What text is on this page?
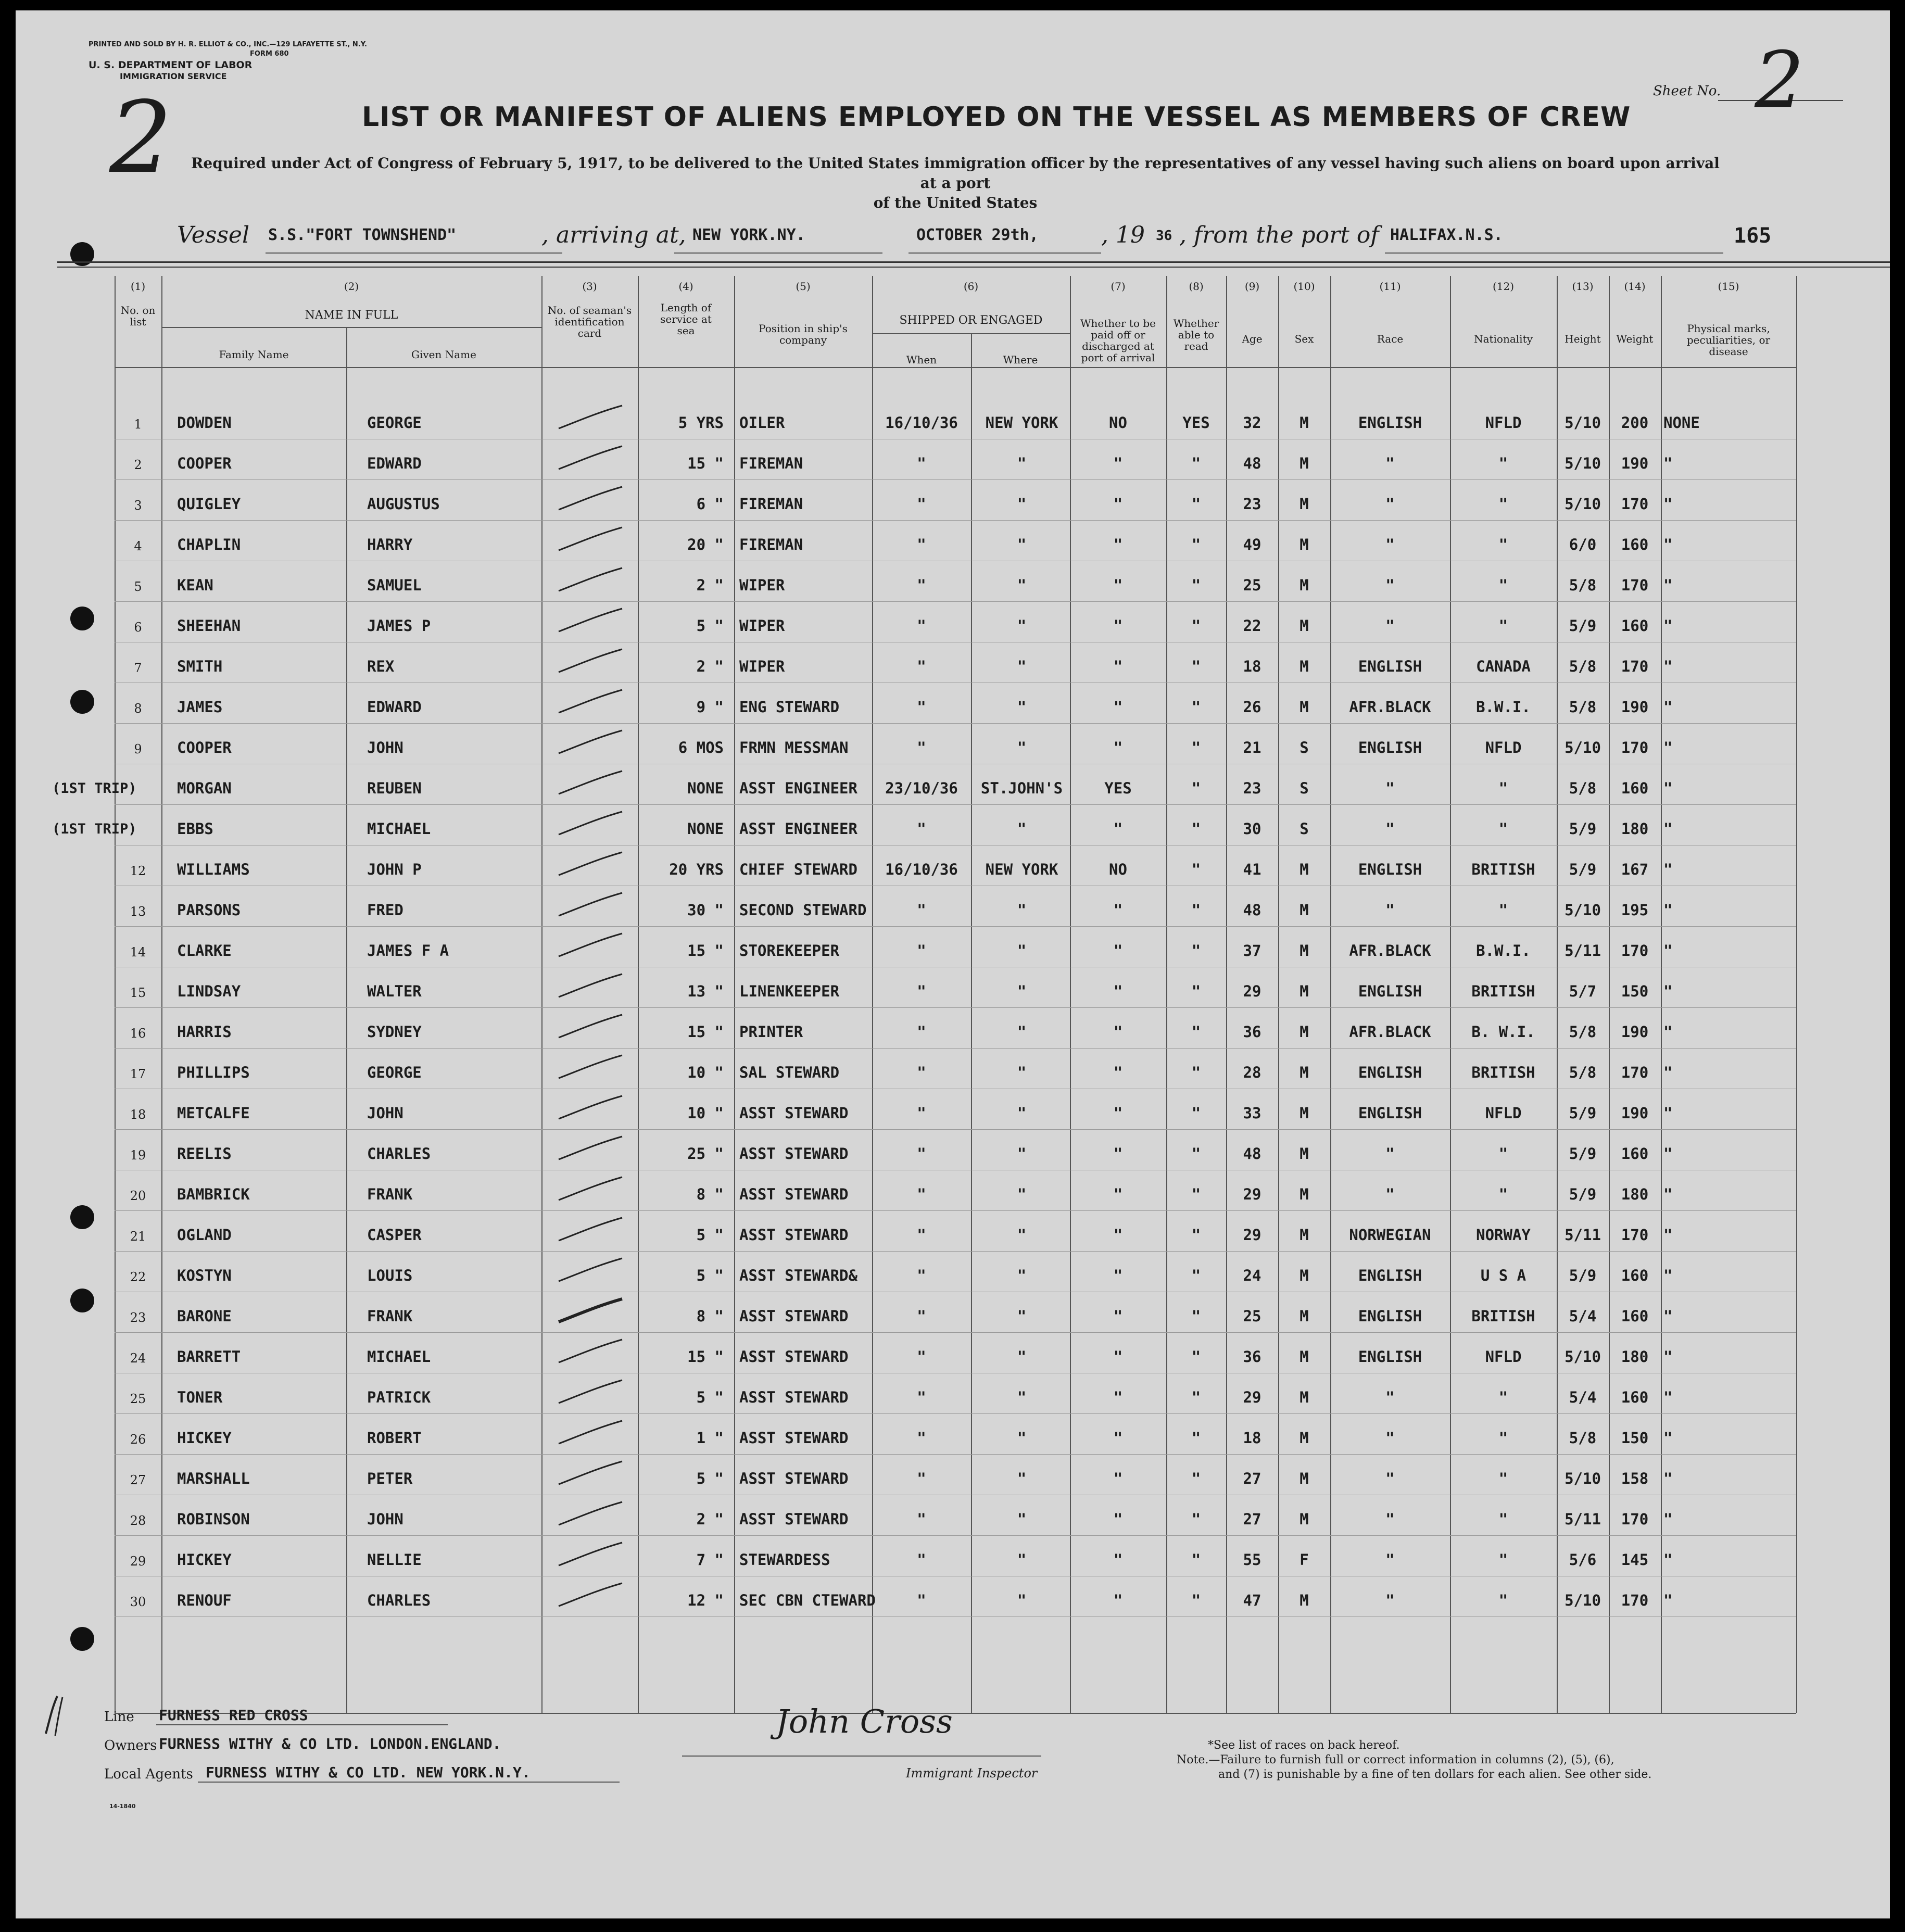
PRINTED AND SOLD BY H. R. ELLIOT & CO., INC.—129 LAFAYETTE ST., N.Y.
FORM 680
U. S. DEPARTMENT OF LABOR
IMMIGRATION SERVICE
2	Sheet No. 2
LIST OR MANIFEST OF ALIENS EMPLOYED ON THE VESSEL AS MEMBERS OF CREW
Required under Act of Congress of February 5, 1917, to be delivered to the United States immigration officer by the representatives of any vessel having such aliens on board upon arrival at a port
of the United States
Vessel S.S."FORT TOWNSHEND"	, arriving at, NEW YORK.NY.	OCTOBER 29th,	, 19 36 , from the port of HALIFAX.N.S.	165
(1)	(2)	(3)	(4)	(5)	(6)	(7)	(8)	(9)	(10)	(11)	(12)	(13)	(14)	(15)
No. on list	NAME IN FULL
Family Name	Given Name
No. of seaman's identification card
Length of service at sea	Position in ship's company
SHIPPED OR ENGAGED
When	Where
Whether to be paid off or discharged at port of arrival
Whether able to read
Age	Sex	Race	Nationality	Height	Weight
Physical marks, peculiarities, or disease
1	DOWDEN	GEORGE	5 YRS OILER	16/10/36	NEW YORK	NO	YES	32	M	ENGLISH	NFLD	5/10	200 NONE
2	COOPER	EDWARD	15 " FIREMAN	"	"	"	"	48	M	"	"	5/10	190 "
3	QUIGLEY	AUGUSTUS	6 " FIREMAN	"	"	"	"	23	M	"	"	5/10	170 "
4	CHAPLIN	HARRY	20 " FIREMAN	"	"	"	"	49	M	"	"	6/0	160 "
5	KEAN	SAMUEL	2 " WIPER	"	"	"	"	25	M	"	"	5/8	170 "
6	SHEEHAN	JAMES P	5 " WIPER	"	"	"	"	22	M	"	"	5/9	160 "
7	SMITH	REX	2 " WIPER	"	"	"	"	18	M	ENGLISH	CANADA	5/8	170 "
8	JAMES	EDWARD	9 " ENG STEWARD	"	"	"	"	26	M	AFR.BLACK	B.W.I.	5/8	190 "
9	COOPER	JOHN	6 MOS FRMN MESSMAN	"	"	"	"	21	S	ENGLISH	NFLD	5/10	170 "
(1ST TRIP)	MORGAN	REUBEN	NONE ASST ENGINEER	23/10/36	ST.JOHN'S	YES	"	23	S	"	"	5/8	160 "
(1ST TRIP)	EBBS	MICHAEL	NONE ASST ENGINEER	"	"	"	"	30	S	"	"	5/9	180 "
12	WILLIAMS	JOHN P	20 YRS CHIEF STEWARD	16/10/36	NEW YORK	NO	"	41	M	ENGLISH	BRITISH	5/9	167 "
13	PARSONS	FRED	30 " SECOND STEWARD	"	"	"	"	48	M	"	"	5/10	195 "
14	CLARKE	JAMES F A	15 " STOREKEEPER	"	"	"	"	37	M	AFR.BLACK	B.W.I.	5/11	170 "
15	LINDSAY	WALTER	13 " LINENKEEPER	"	"	"	"	29	M	ENGLISH	BRITISH	5/7	150 "
16	HARRIS	SYDNEY	15 " PRINTER	"	"	"	"	36	M	AFR.BLACK	B. W.I.	5/8	190 "
17	PHILLIPS	GEORGE	10 " SAL STEWARD	"	"	"	"	28	M	ENGLISH	BRITISH	5/8	170 "
18	METCALFE	JOHN	10 " ASST STEWARD	"	"	"	"	33	M	ENGLISH	NFLD	5/9	190 "
19	REELIS	CHARLES	25 " ASST STEWARD	"	"	"	"	48	M	"	"	5/9	160 "
20	BAMBRICK	FRANK	8 " ASST STEWARD	"	"	"	"	29	M	"	"	5/9	180 "
21	OGLAND	CASPER	5 " ASST STEWARD	"	"	"	"	29	M	NORWEGIAN	NORWAY	5/11	170 "
22	KOSTYN	LOUIS	5 " ASST STEWARD&	"	"	"	"	24	M	ENGLISH	U S A	5/9	160 "
23	BARONE	FRANK	8 " ASST STEWARD	"	"	"	"	25	M	ENGLISH	BRITISH	5/4	160 "
24	BARRETT	MICHAEL	15 " ASST STEWARD	"	"	"	"	36	M	ENGLISH	NFLD	5/10	180 "
25	TONER	PATRICK	5 " ASST STEWARD	"	"	"	"	29	M	"	"	5/4	160 "
26	HICKEY	ROBERT	1 " ASST STEWARD	"	"	"	"	18	M	"	"	5/8	150 "
27	MARSHALL	PETER	5 " ASST STEWARD	"	"	"	"	27	M	"	"	5/10	158 "
28	ROBINSON	JOHN	2 " ASST STEWARD	"	"	"	"	27	M	"	"	5/11	170 "
29	HICKEY	NELLIE	7 " STEWARDESS	"	"	"	"	55	F	"	"	5/6	145 "
30	RENOUF	CHARLES	12 " SEC CBN CTEWARD	"	"	"	"	47	M	"	"	5/10	170 "
Line FURNESS RED CROSS
Owners FURNESS WITHY & CO LTD. LONDON.ENGLAND.
Local Agents FURNESS WITHY & CO LTD. NEW YORK.N.Y.
John Cross
Immigrant Inspector
*See list of races on back hereof.
Note.—Failure to furnish full or correct information in columns (2), (5), (6),
and (7) is punishable by a fine of ten dollars for each alien. See other side.
14-1840
